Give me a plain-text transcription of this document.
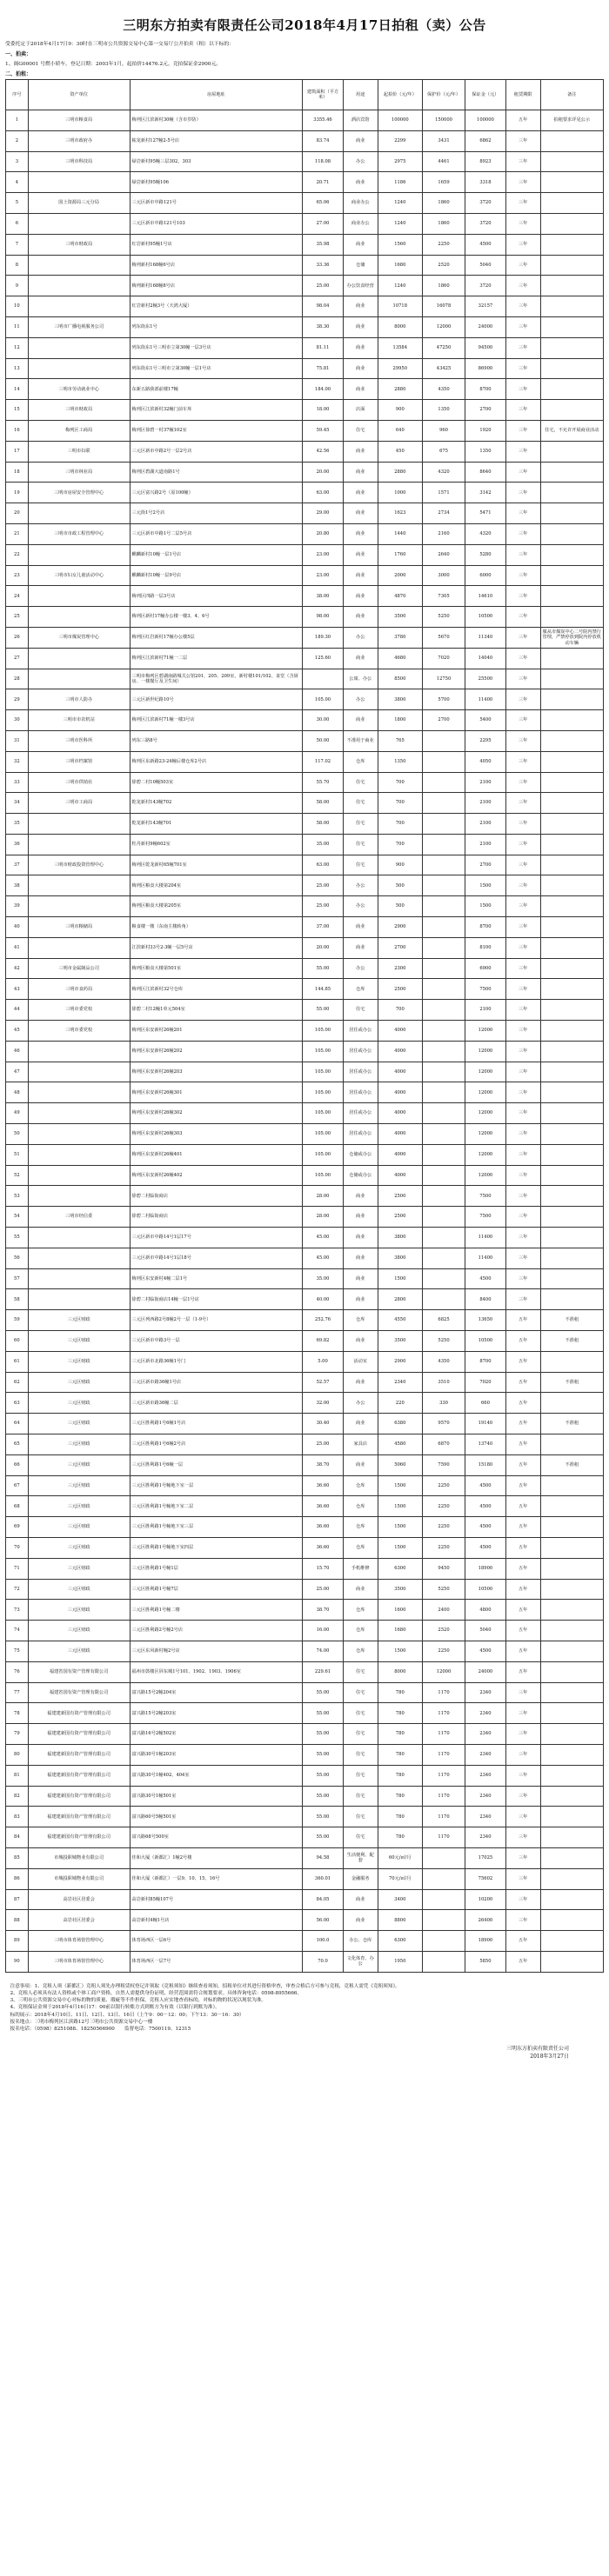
三明东方拍卖有限责任公司2018年4月17日拍租（卖）公告
受委托定于2018年4月17日9：30时在三明市公共资源交易中心第一交易厅公开拍卖（租）以下标的：
一、拍卖：
1、闽G00001 号燃小轿车，登记日期：2003年1月，起拍价14476.2元，竞拍保证金2900元。
二、拍租：
序号	资产单位	房屋地址	建筑面积（平方米）	用途	起拍价（元/年）	保护价（元/年）	保证金（元）	租赁期限	备注
1	三明市粮食局	梅列区江滨新村30幢（含市岁防）	3355.46	酒店宾馆	100000	150000	100000	五年	拍租要求详见公示
2	三明市政府办	梳龙新村127幢2-5号店	83.74	商业	2299	3431	6862	三年	
3	三明市科技局	绿岩新村95幢三层302、303	118.08	办公	2975	4461	8923	三年	
4		绿岩新村95幢106	20.71	商业	1186	1659	3318	三年	
5	国土资源局三元分局	三元区新市中路121号	65.06	商业办公	1240	1860	3720	三年	
6		三元区新市中路121号103	27.00	商业办公	1240	1860	3720	三年	
7	三明市财政局	红岩新村95幢1号店	35.98	商业	1560	2250	4500	三年	
8		梅列新村168幢6号店	33.36	仓储	1680	2520	5040	三年	
9		梅列新村168幢8号店	25.00	办公饮食经营	1240	1860	3720	三年	
10		红岩新村2幢3号（天鸿大厦）	98.04	商业	10718	16078	32157	三年	
11	三明市广播电视服务公司	列东街东1号	38.30	商业	8000	12000	24000	三年	
12		列东街东1号三明市立第30幢一层3号店	81.11	商业	13584	47250	94500	三年	
13		列东街东1号三明市立第30幢一层1号店	75.81	商业	29950	43425	86900	三年	
14	三明市劳动就业中心	东新五路我部前楼17幢	184.00	商业	2880	4350	8700	三年	
15	三明市财政局	梅列区江滨新村32幢门前车库	18.00	店面	900	1350	2700	三年	
16	梅列区工商局	梅列区徐碧一村37幢102室	59.45	住宅	640	960	1920	三年	住宅，不允许开展商业活动
17	三明市妇联	三元区新市中路2号一层2号店	42.56	商业	450	675	1350	三年	
18	三明市林业局	梅列区碧湖大道南路1号	20.00	商业	2880	4320	8640	三年	
19	三明市房屋安全管理中心	三元区富兴路2号（原100幢）	63.00	商业	1000	1571	3142	三年	
20		三元街1号2号店	29.00	商业	1623	2734	5471	三年	
21	三明市市政工程管理中心	三元区新市中路1号二层5号店	20.80	商业	1440	2160	4320	三年	
22		麒麟新村10幢一层1号店	23.00	商业	1760	2640	5280	三年	
23	三明市妇女儿童活动中心	麒麟新村10幢一层9号店	23.00	商业	2000	3000	6000	三年	
24		梅列区四路一层3号店	38.00	商业	4870	7305	14610	三年	
25		梅列区新村17幢办公楼一楼3、4、6号	98.00	商业	3500	5250	10500	三年	
26	三明市煤炭管理中心	梅列区红岩新村17幢办公楼5层	189.30	办公	3780	5670	11340	三年	服从市煤炭中心二号院内禁行管理，严禁停放到院内停放机动车辆
27		梅列区江滨新村71幢一二层	125.60	商业	4680	7020	14040	三年	
28		三明市梅列区碧湖南路城关公馆201、205、209室，新村楼101/102、食堂（含厨房、一楼餐厅及卫生间）		公寓、办公	8500	12750	25500	三年	
29	三明市人防办	三元区新世纪路10号	105.00	办公	3800	5700	11400	三年	
30	三明市市农机站	梅列区江滨新村71幢一楼3号店	30.00	商业	1800	2700	5400	三年	
31	三明市医科所	列东三路8号	50.00	不准用于商业	765		2295	三年	
32	三明市档案馆	梅列区东新路23-24幢后楼仓库2号店	117.02	仓库	1350		4050	三年	
33	三明市供销社	徐碧二村10幢503室	55.70	住宅	700		2100	三年	
34	三明市工商局	乾龙新村143幢702	58.00	住宅	700		2100	三年	
35		乾龙新村143幢701	58.00	住宅	700		2100	三年	
36		牡丹新村9幢602室	35.00	住宅	700		2100	三年	
37	三明市财政投资管理中心	梅列区乾龙新村65幢701室	63.00	住宅	900		2700	三年	
38		梅列区粮食大楼第204室	25.00	办公	500		1500	三年	
39		梅列区粮食大楼第205室	25.00	办公	500		1500	三年	
40	三明市粮储局	粮食楼一楼（东南主楼转角）	37.00	商业	2900		8700	三年	
41		江滨新村33号2-3幢一层5号店	20.00	商业	2700		8100	三年	
42	三明市金属制品公司	梅列区粮食大楼第501室	55.00	办公	2300		6900	三年	
43	三明市食药局	梅列区江滨新村32号仓库	144.85	仓库	2500		7500	三年	
44	三明市委党校	徐碧二村12幢1单元504室	55.00	住宅	700		2100	三年	
45	三明市委党校	梅列区东安新村26幢201	105.00	居住或办公	4000		12000	三年	
46		梅列区东安新村26幢202	105.00	居住或办公	4000		12000	三年	
47		梅列区东安新村26幢203	105.00	居住或办公	4000		12000	三年	
48		梅列区东安新村26幢301	105.00	居住或办公	4000		12000	三年	
49		梅列区东安新村26幢302	105.00	居住或办公	4000		12000	三年	
50		梅列区东安新村26幢303	105.00	居住或办公	4000		12000	三年	
51		梅列区东安新村26幢401	105.00	仓储或办公	4000		12000	三年	
52		梅列区东安新村26幢402	105.00	仓储或办公	4000		12000	三年	
53		徐碧二村临街商店	28.00	商业	2500		7500	三年	
54	三明市经信委	徐碧二村临街商店	28.00	商业	2500		7500	三年	
55		三元区新市中路14号1层17号	45.00	商业	3800		11400	三年	
56		三元区新市中路14号1层18号	45.00	商业	3800		11400	三年	
57		梅列区东安新村4幢二层1号	35.00	商业	1500		4500	三年	
58		徐碧二村临街商店14幢一层1号店	40.00	商业	2800		8400	三年	
59	三元区财政	三元区列西路2号8幢2号一层（1-9号）	252.76	仓库	4550	6825	13650	五年	不准租
60	三元区财政	三元区新市中路3号一层	69.82	商业	3500	5250	10500	五年	不准租
61	三元区财政	三元区新市北路36幢1号门	5.00	活动室	2900	4350	8700	五年	
62	三元区财政	三元区新市路36幢1号店	52.57	商业	2340	3510	7020	五年	不准租
63	三元区财政	三元区新市路36幢二层	32.00	办公	220	330	660	五年	
64	三元区财政	三元区胜利路1号6幢1号店	30.40	商业	6380	9570	19140	五年	不准租
65	三元区财政	三元区胜利路1号6幢2号店	25.00	家具店	4580	6870	13740	五年	
66	三元区财政	三元区胜利路1号6幢一层	38.70	商业	5060	7590	15180	五年	不准租
67	三元区财政	三元区胜利路1号幢地下室一层	36.60	仓库	1500	2250	4500	五年	
68	三元区财政	三元区胜利路1号幢地下室二层	36.60	仓库	1500	2250	4500	五年	
69	三元区财政	三元区胜利路1号幢地下室三层	36.60	仓库	1500	2250	4500	五年	
70	三元区财政	三元区胜利路1号幢地下室四层	36.60	仓库	1500	2250	4500	五年	
71	三元区财政	三元区胜利路1号幢1层	15.70	手机维修	6300	9450	18900	五年	
72	三元区财政	三元区胜利路1号幢7层	25.00	商业	3500	5250	10500	五年	
73	三元区财政	三元区胜利路1号幢二楼	38.70	仓库	1600	2400	4800	五年	
74	三元区财政	三元区胜利路2号幢2号店	16.00	仓库	1680	2520	5040	五年	
75	三元区财政	三元区东风新村幢2号店	74.00	仓库	1500	2250	4500	五年	
76	福建省国有资产管理有限公司	福州市鼓楼区屏东城1号101、1902、1903、1906室	229.61	住宅	8000	12000	24000	五年	
77	福建省国有资产管理有限公司	富兴路15号2幢204室	55.00	住宅	780	1170	2340	三年	
78	福建建新国有资产管理有限公司	富兴路15号2幢203室	55.00	住宅	780	1170	2340	三年	
79	福建建新国有资产管理有限公司	富兴路16号2幢502室	55.00	住宅	780	1170	2340	三年	
80	福建建新国有资产管理有限公司	富兴路30号1幢203室	55.00	住宅	780	1170	2340	三年	
81	福建建新国有资产管理有限公司	富兴路30号1幢402、404室	55.00	住宅	780	1170	2340	三年	
82	福建建新国有资产管理有限公司	富兴路30号1幢501室	55.00	住宅	780	1170	2340	三年	
83	福建建新国有资产管理有限公司	富兴路60号5幢501室	55.00	住宅	780	1170	2340	三年	
84	福建建新国有资产管理有限公司	富兴路68号500室	55.00	住宅	780	1170	2340	三年	
85	市城投职城物业有限公司	佳和大厦（新都汇）1幢2号楼	94.58	生活便利、配套	60元/㎡/月		17025	三年	
86	市城投职城物业有限公司	佳和大厦（新都汇）一层9、10、15、16号	360.01	金融服务	70元/㎡/月		75602	三年	
87	高岩社区居委会	高岩新村85幢107号	84.05	商业	3400		10200	三年	
88	高岩社区居委会	高岩新村4幢1号店	56.00	商业	8800		26400	三年	
89	三明市体育场馆管理中心	体育场西区一层6号	100.0	办公、仓库	6300		18900	五年	
90	三明市体育场馆管理中心	体育场西区一层7号	70.0	文化体育、办公	1950		5850	五年	

注意事项：1、竞租人须（新都汇）竞租人须先办理租赁权登记并领取《竞租须知》继续查看须知。招租单位对其进行资格审查，审查合格后方可参与竞租，竞租人需凭《竞租须知》。

2、竞租人必须具有法人资格或个体工商户资格，自然人需提供身份证明，经营范围需符合规划要求。具体咨询电话：0598-8955666。

3、三明市公共资源交易中心对标的物的质量、瑕疵等不作担保，竞租人应实地查看标的，对标的物的状况以现状为准。

4、竞租保证金须于2018年4月16日17：00前以银行转账方式到账方为有效（以银行到账为准）。

标的展示：2018年4月10日、11日、12日、13日、16日（上午9：00－12：00；下午13：30－16：30）

报名地点：三明市梅列区江滨路12号三明市公共资源交易中心一楼

报名电话：（0598）8251088、18250566900　　监督电话：7500119、12315

三明东方拍卖有限责任公司
2018年3月27日
